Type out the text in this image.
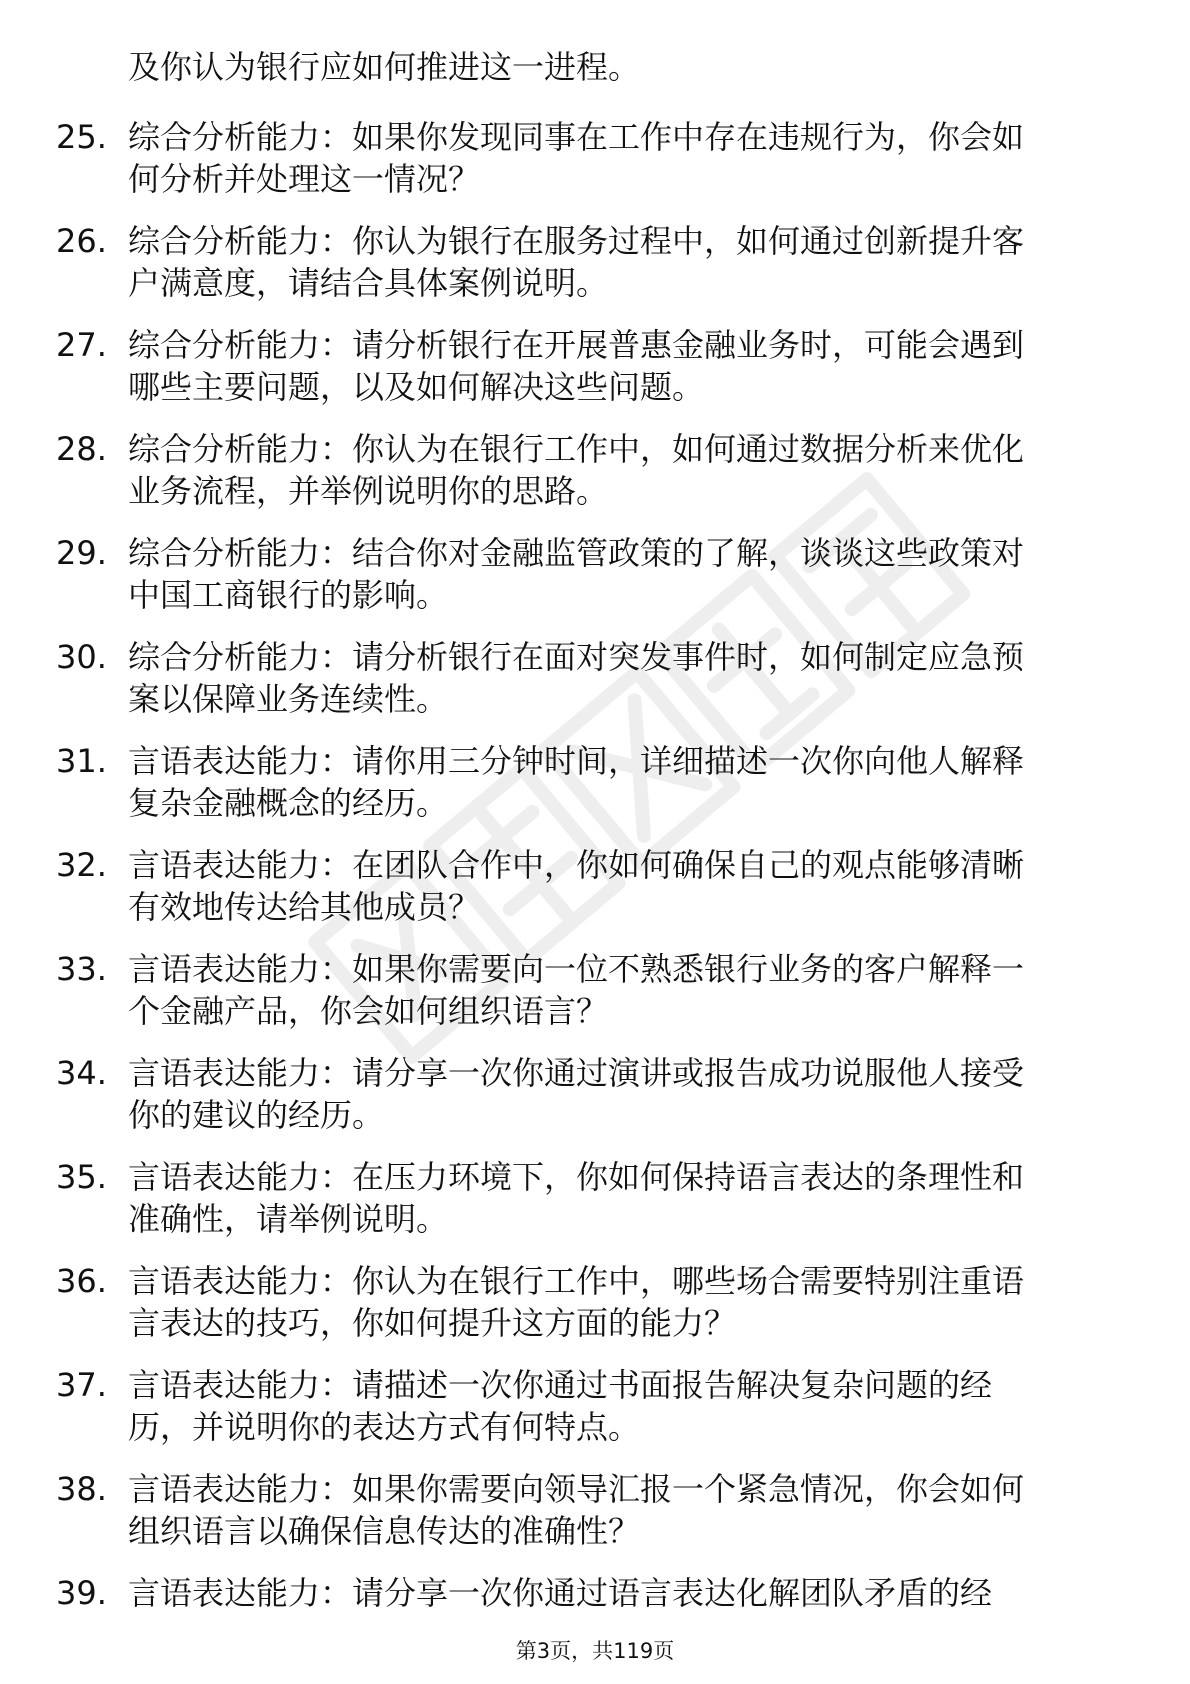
及你认为银行应如何推进这一进程。
25. 综合分析能力：如果你发现同事在工作中存在违规行为，你会如
何分析并处理这一情况？
26. 综合分析能力：你认为银行在服务过程中，如何通过创新提升客
户满意度，请结合具体案例说明。
27. 综合分析能力：请分析银行在开展普惠金融业务时，可能会遇到
哪些主要问题，以及如何解决这些问题。
28. 综合分析能力：你认为在银行工作中，如何通过数据分析来优化
业务流程，并举例说明你的思路。
29. 综合分析能力：结合你对金融监管政策的了解，谈谈这些政策对
中国工商银行的影响。
30. 综合分析能力：请分析银行在面对突发事件时，如何制定应急预
案以保障业务连续性。
31. 言语表达能力：请你用三分钟时间，详细描述一次你向他人解释
复杂金融概念的经历。
32. 言语表达能力：在团队合作中，你如何确保自己的观点能够清晰
有效地传达给其他成员？
33. 言语表达能力：如果你需要向一位不熟悉银行业务的客户解释一
个金融产品，你会如何组织语言？
34. 言语表达能力：请分享一次你通过演讲或报告成功说服他人接受
你的建议的经历。
35. 言语表达能力：在压力环境下，你如何保持语言表达的条理性和
准确性，请举例说明。
36. 言语表达能力：你认为在银行工作中，哪些场合需要特别注重语
言表达的技巧，你如何提升这方面的能力？
37. 言语表达能力：请描述一次你通过书面报告解决复杂问题的经
历，并说明你的表达方式有何特点。
38. 言语表达能力：如果你需要向领导汇报一个紧急情况，你会如何
组织语言以确保信息传达的准确性？
39. 言语表达能力：请分享一次你通过语言表达化解团队矛盾的经
第3页，共119页
